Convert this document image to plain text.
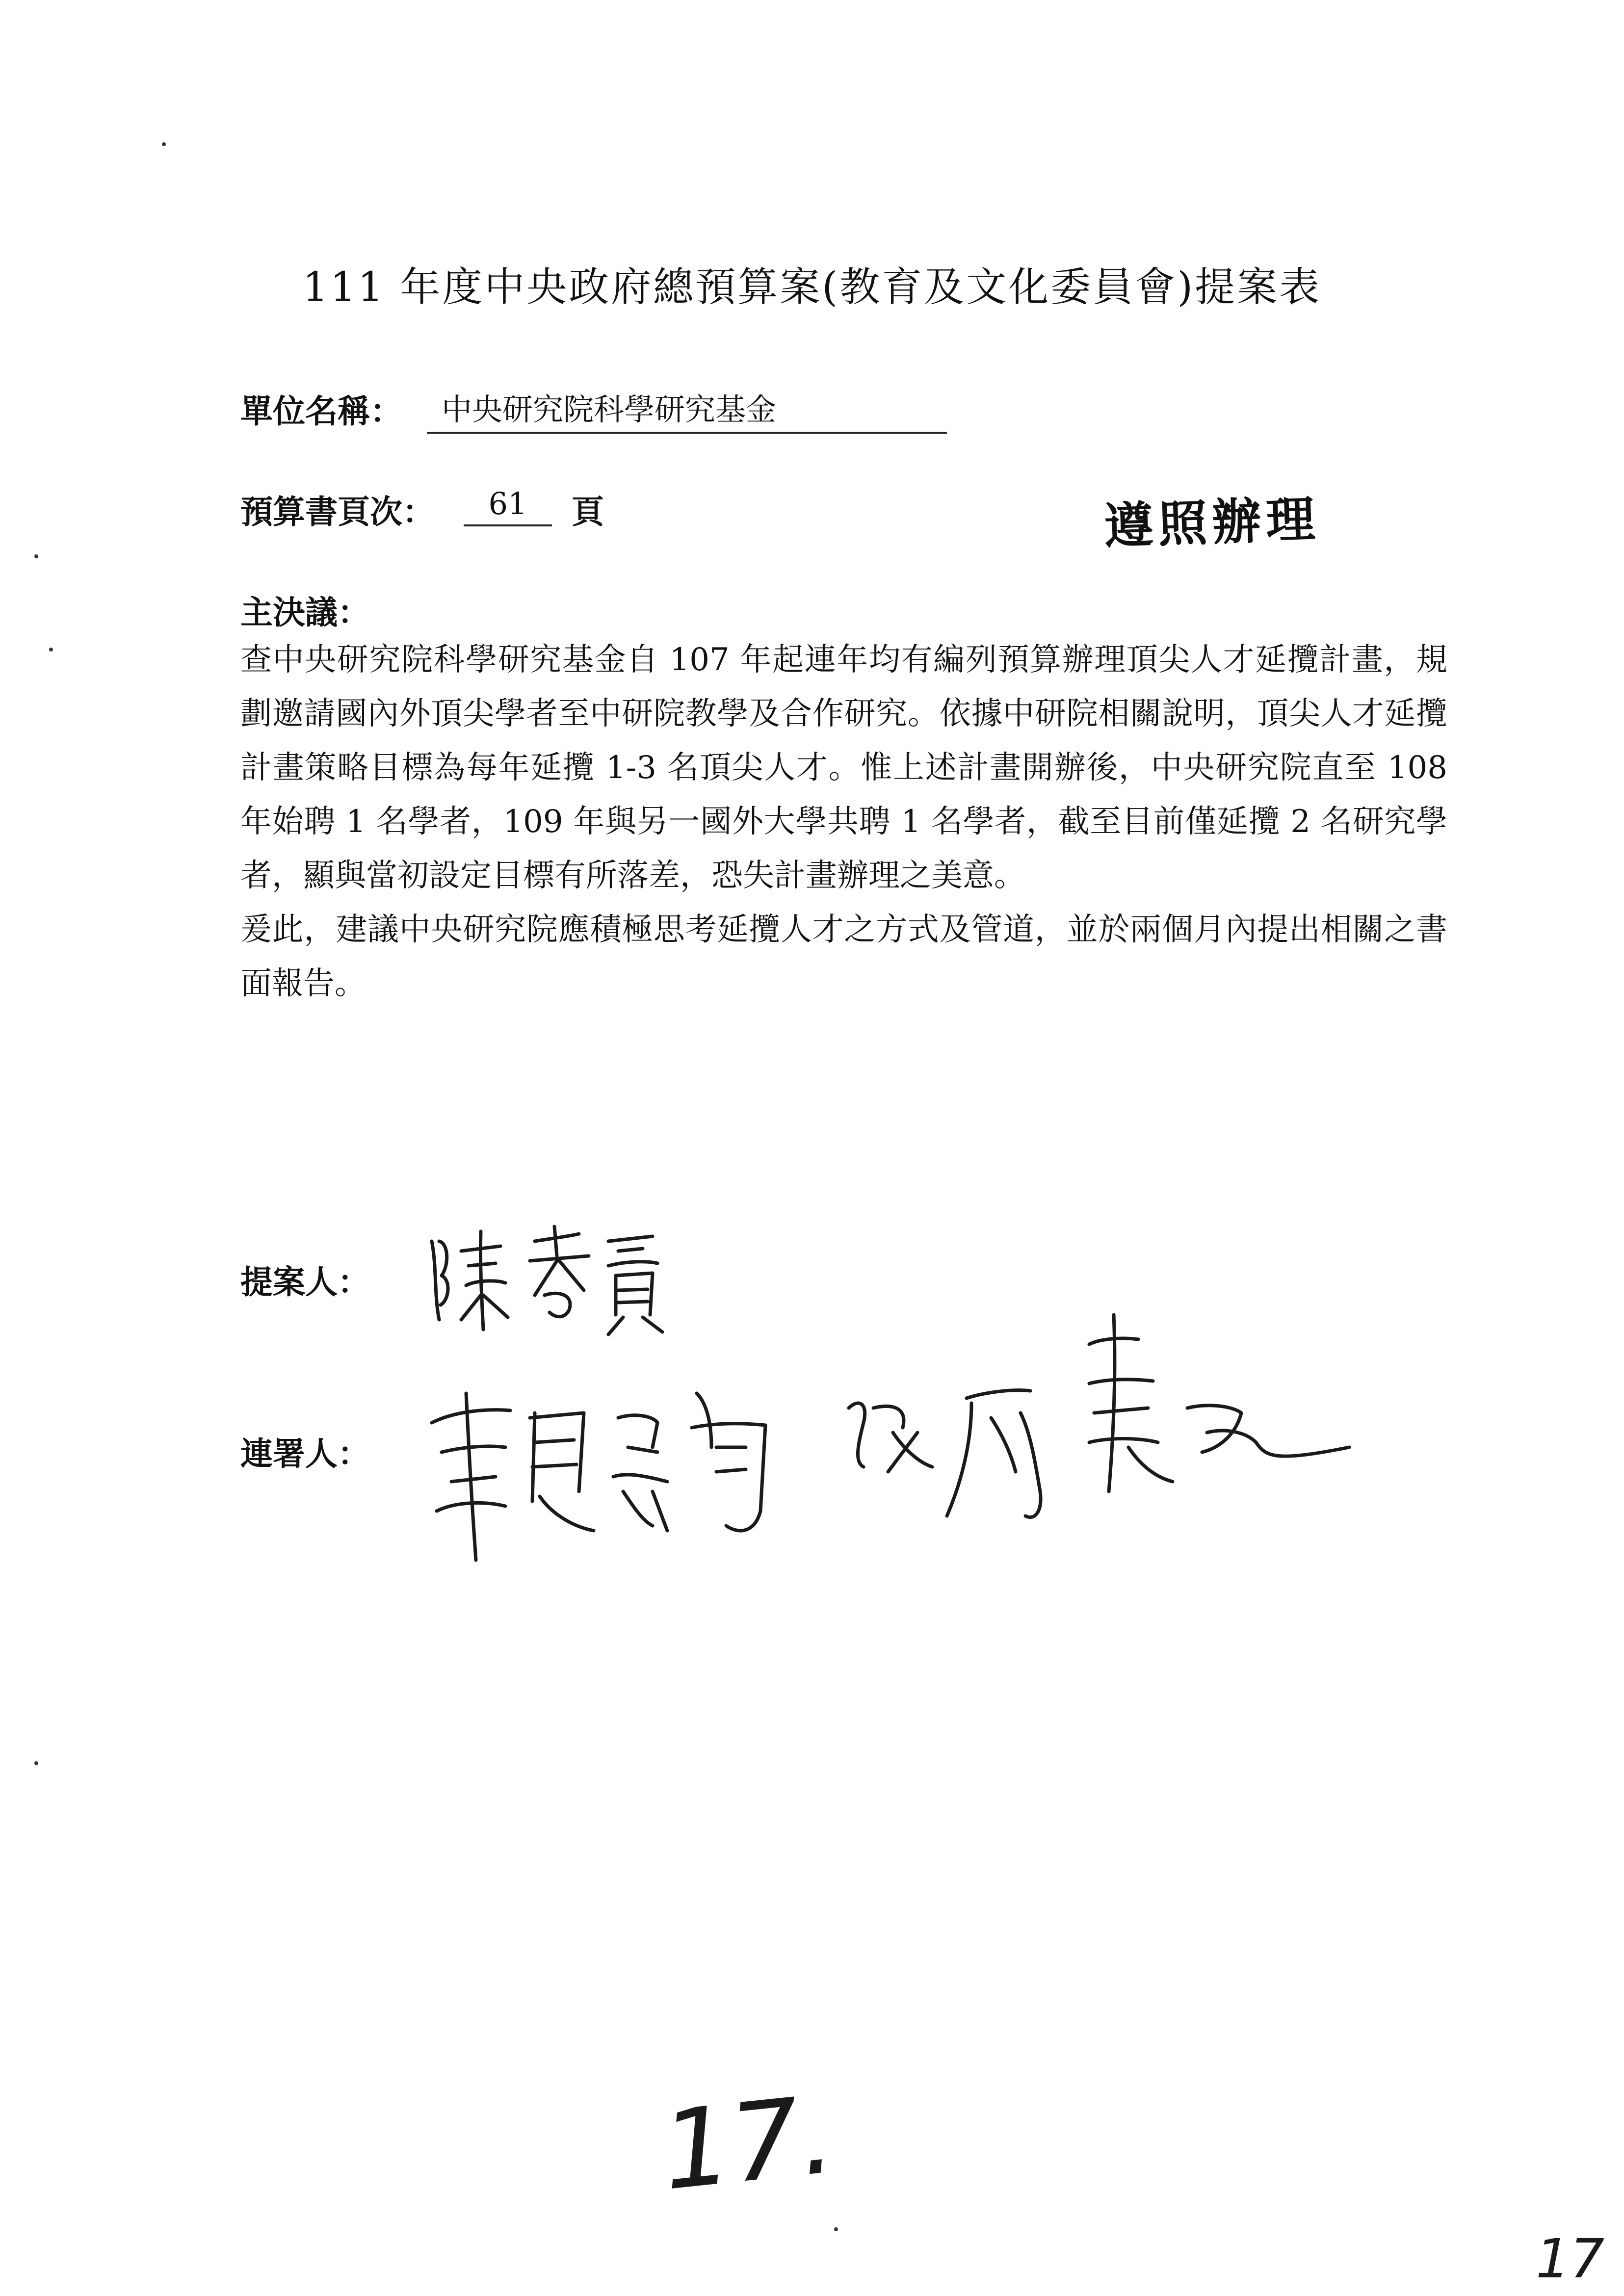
111 年度中央政府總預算案(教育及文化委員會)提案表
單位名稱：	中央研究院科學研究基金
預算書頁次：	61	頁	遵照辦理
主決議：

查中央研究院科學研究基金自 107 年起連年均有編列預算辦理頂尖人才延攬計畫，規劃邀請國內外頂尖學者至中研院教學及合作研究。依據中研院相關說明，頂尖人才延攬計畫策略目標為每年延攬 1-3 名頂尖人才。惟上述計畫開辦後，中央研究院直至 108 年始聘 1 名學者，109 年與另一國外大學共聘 1 名學者，截至目前僅延攬 2 名研究學者，顯與當初設定目標有所落差，恐失計畫辦理之美意。

爰此，建議中央研究院應積極思考延攬人才之方式及管道，並於兩個月內提出相關之書面報告。

提案人：
連署人：
17.
17
